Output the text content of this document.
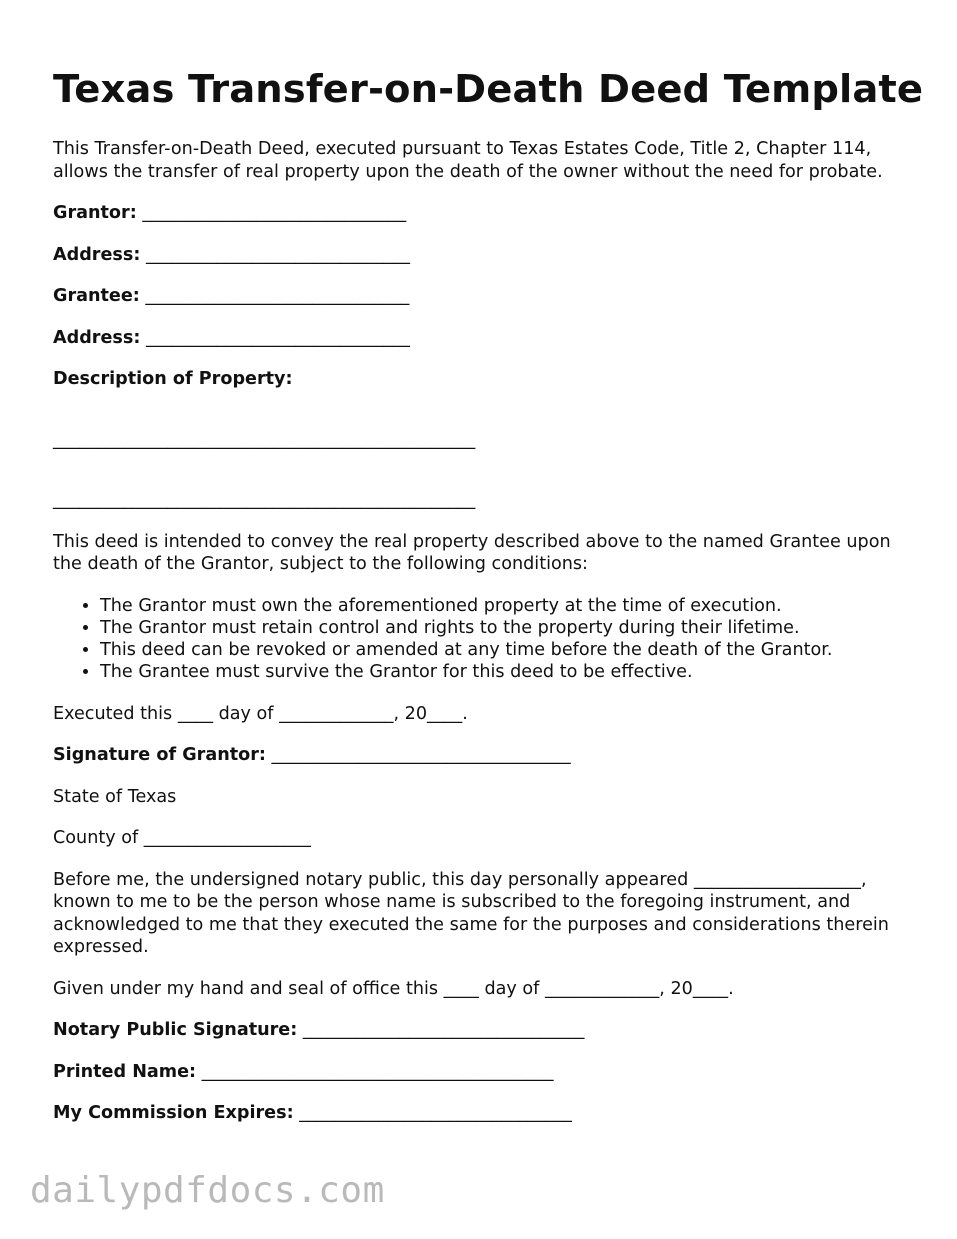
Texas Transfer-on-Death Deed Template

This Transfer-on-Death Deed, executed pursuant to Texas Estates Code, Title 2, Chapter 114, allows the transfer of real property upon the death of the owner without the need for probate.

Grantor: ______________________________

Address: ______________________________

Grantee: ______________________________

Address: ______________________________

Description of Property:

________________________________________________

________________________________________________

This deed is intended to convey the real property described above to the named Grantee upon the death of the Grantor, subject to the following conditions:

• The Grantor must own the aforementioned property at the time of execution.
• The Grantor must retain control and rights to the property during their lifetime.
• This deed can be revoked or amended at any time before the death of the Grantor.
• The Grantee must survive the Grantor for this deed to be effective.

Executed this ____ day of _____________, 20____.

Signature of Grantor: __________________________________

State of Texas

County of ___________________

Before me, the undersigned notary public, this day personally appeared ___________________, known to me to be the person whose name is subscribed to the foregoing instrument, and acknowledged to me that they executed the same for the purposes and considerations therein expressed.

Given under my hand and seal of office this ____ day of _____________, 20____.

Notary Public Signature: ________________________________

Printed Name: ________________________________________

My Commission Expires: _______________________________

dailypdfdocs.com
